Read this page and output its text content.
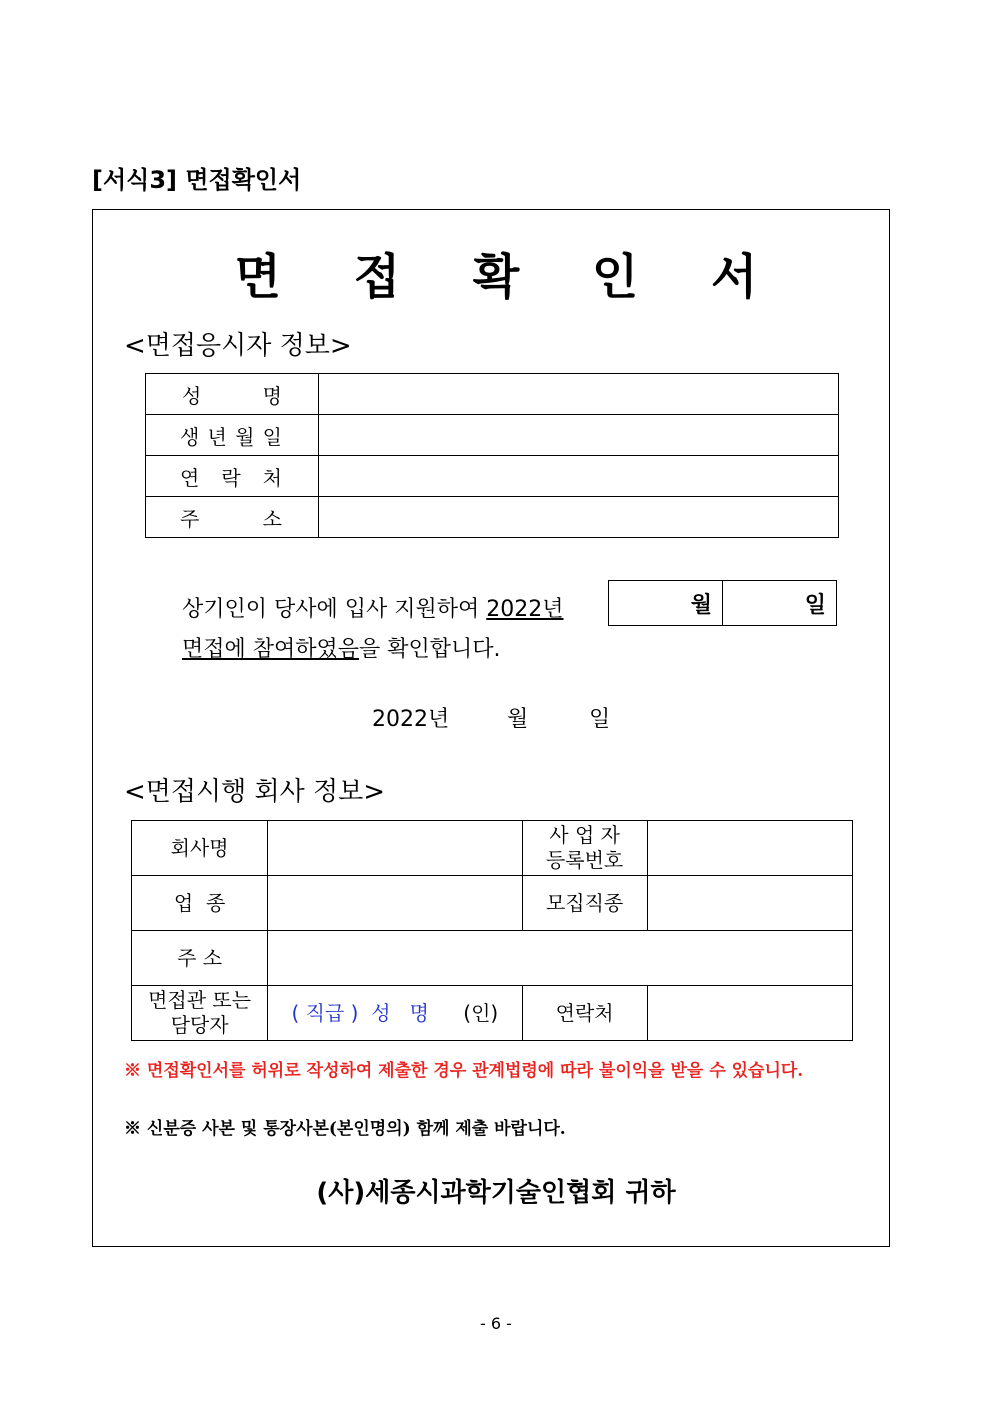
[서식3] 면접확인서
면 접 확 인 서
<면접응시자 정보>
성 명	

생 년 월 일	

연 락 처	

주 소	

상기인이 당사에 입사 지원하여 2022년
면접에 참여하였음을 확인합니다.
월	일
2022년	월	일
<면접시행 회사 정보>
회사명		사 업 자
등록번호	

업  종		모집직종	
주 소			

면접관 또는
담당자	( 직급 )  성   명 (인)	연락처	
※ 면접확인서를 허위로 작성하여 제출한 경우 관계법령에 따라 불이익을 받을 수 있습니다.
※ 신분증 사본 및 통장사본(본인명의) 함께 제출 바랍니다.
(사)세종시과학기술인협회 귀하
- 6 -
